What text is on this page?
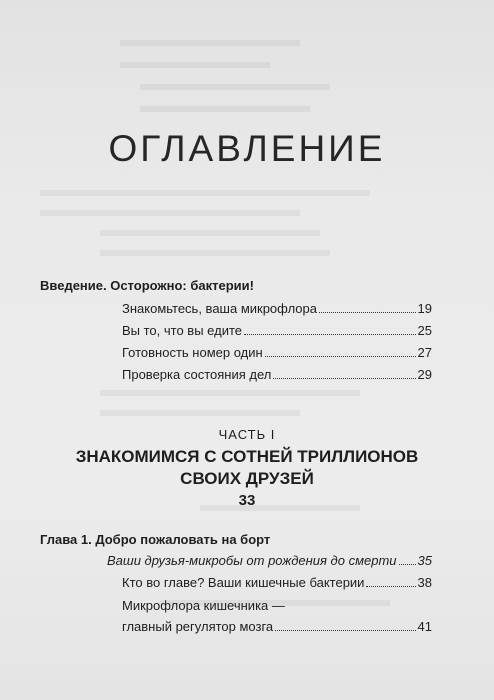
ОГЛАВЛЕНИЕ
Введение. Осторожно: бактерии!
Знакомьтесь, ваша микрофлора	19
Вы то, что вы едите	25
Готовность номер один	27
Проверка состояния дел	29
ЧАСТЬ I
ЗНАКОМИМСЯ С СОТНЕЙ ТРИЛЛИОНОВ
СВОИХ ДРУЗЕЙ
33
Глава 1. Добро пожаловать на борт
Ваши друзья-микробы от рождения до смерти 35
Кто во главе? Ваши кишечные бактерии	38
Микрофлора кишечника —
главный регулятор мозга	41
